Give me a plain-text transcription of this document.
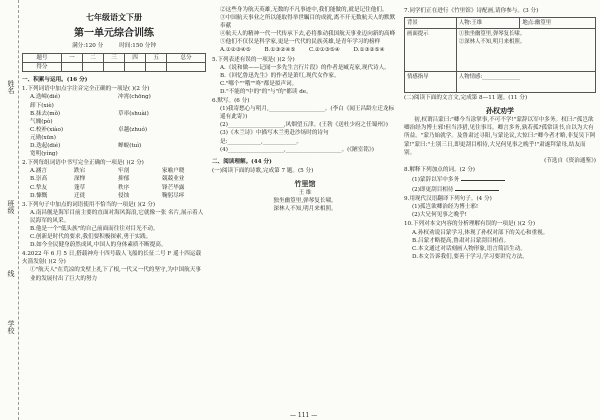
姓名
班级
学校
线
七年级语文下册
第一单元综合训练
满分:120 分	时间:150 分钟
题号	一	二	三	四	五	总分
得分						
一、积累与运用。(16 分)
1.下列词语中加点字注音完全正确的一项是( )(2 分)
A.迭嶂(dié)	冲霄(chōng)
卸下(xiè)
B.抹去(mǒ)	草率(shuài)
气魄(pò)
C.校补(xiào)	卓越(zhuó)
元勋(xūn)
D.迭起(dié)	蝉蜕(tuì)
宽明(yíng)
2.下列每组词语中书写完全正确的一项是( )(2 分)
A.涵言	跌宕	牢剖	家喻户晓
B.崇高	深惮	抑郁	兢兢业业
C.挚友	蓬草	秩序	锋芒毕露
D.慷慨	迁徙	侵蚀	鞠躬尽瘁
3.下列句子中加点的词语使用不恰当的一项是( )(2 分)
A.南昌舰是海军目前主要的直面对海风海浪,它就像一张 名片,展示着人民海军的风采。
B.他是一个"低头族"的自己前面而往往对目光不动。
C.创新是时代的要求,我们要积极探索,勇于实践。
D.如今全民健身蔚然成风,中国人的身体素质不断提高。
4.2022 年 6 月 5 日,搭载神舟十四号载人飞船的长征二号 F 遥十四运载火箭发射( )(2 分)
①"航天人"在荒凉的戈壁上扎下了根,一代又一代的坚守,为中国航天事业的发展付出了巨大的努力
②这些身为航天英雄,无数的不凡事迹中,我们能做的,就是记住他们。
③中国航天事业之所以能取得举世瞩目的成就,离不开无数航天人的默默奉献
④航天人的精神一代一代传承下去,必将推动我国航天事业迈向新的高峰
⑤他们不仅仅是科学家,更是一代代的民族英雄,是青年学习的榜样
A.①②③④⑤	B.①③②④⑤	C.②①③⑤④	D.①③②⑤④
5.下列表述有误的一项是( )(2 分)
A.《说和做——记闻一多先生言行片段》的作者是臧克家,现代诗人。
B.《回忆鲁迅先生》的作者是萧红,现代女作家。
C."哪个""哦""咚"都是拟声词。
D."不能的"中的"的"与"的"都读 de。
6.默写。(6 分)
(1)我寄愁心与明月,____________________。(李白《闻王昌龄左迁龙标遥有此寄》)
(2)____________________,风烟望五津。(王勃《送杜少府之任蜀州》)
(3)《木兰诗》中描写木兰勇赴沙场时的诗句是:____________,____________。
(4)____________________,____________________。(《陋室铭》)
二、阅读理解。(44 分)
(一)阅读下面的诗歌,完成第 7 题。(5 分)
竹里馆
王 维
独坐幽篁里,弹琴复长啸。
深林人不知,明月来相照。
7.同学们正在进行《竹里馆》诗配画,请你参与。(3 分)
背景	人物:王维	地点:幽篁里
画面提示	①独坐幽篁里,弹琴复长啸。
②深林人不知,明月来相照。	
情感指导	人物情感:______________	
(二)阅读下面的文言文,完成第 8—11 题。(11 分)
孙权劝学
初,权谓吕蒙曰:"卿今当涂掌事,不可不学!"蒙辞以军中多务。权曰:"孤岂欲卿治经为博士邪!但当涉猎,见往事耳。卿言多务,孰若孤?孤常读书,自以为大有所益。"蒙乃始就学。及鲁肃过寻阳,与蒙论议,大惊曰:"卿今者才略,非复吴下阿蒙!"蒙曰:"士别三日,即更刮目相待,大兄何见事之晚乎!"肃遂拜蒙母,结友而别。
(节选自《资治通鉴》)
8.解释下列加点的词。(2 分)
(1)蒙辞以军中多务
(2)即更刮目相待
9.用现代汉语翻译下列句子。(4 分)
(1)孤岂欲卿治经为博士邪!
(2)大兄何见事之晚乎!
10.下列对本文内容的分析理解有误的一项是( )(2 分)
A.孙权劝说吕蒙学习,体现了孙权对部下的关心和重视。
B.吕蒙才略提高,鲁肃对吕蒙刮目相看。
C.本文通过对话刻画人物形象,语言简洁生动。
D.本文告诉我们,要善于学习,学习要讲究方法。
— 111 —
